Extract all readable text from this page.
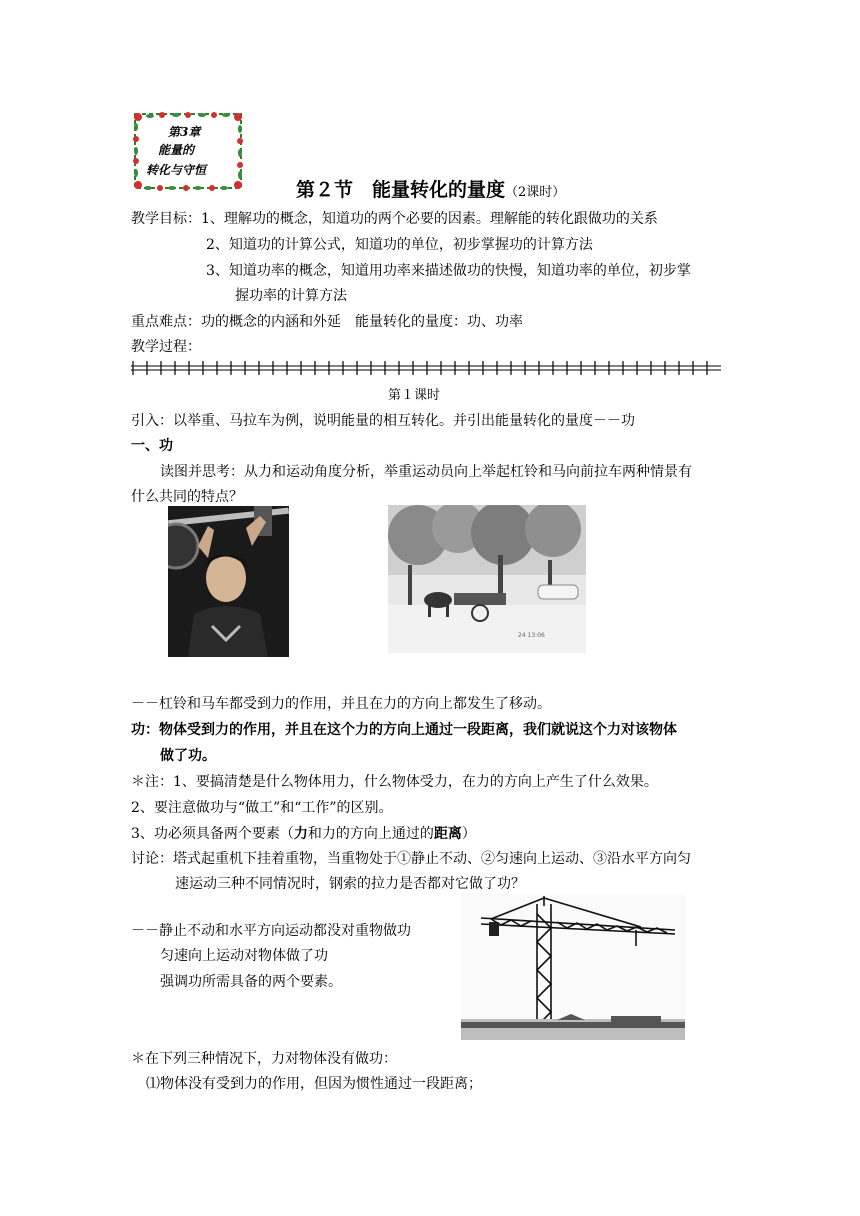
第3章
能量的
转化与守恒
第２节　能量转化的量度（2课时）
教学目标：1、理解功的概念，知道功的两个必要的因素。理解能的转化跟做功的关系
2、知道功的计算公式，知道功的单位，初步掌握功的计算方法
3、知道功率的概念，知道用功率来描述做功的快慢，知道功率的单位，初步掌
握功率的计算方法
重点难点：功的概念的内涵和外延　能量转化的量度：功、功率
教学过程：
第１课时
引入：以举重、马拉车为例，说明能量的相互转化。并引出能量转化的量度－－功
一、功
读图并思考：从力和运动角度分析，举重运动员向上举起杠铃和马向前拉车两种情景有
什么共同的特点？
24 13:06
－－杠铃和马车都受到力的作用，并且在力的方向上都发生了移动。
功：物体受到力的作用，并且在这个力的方向上通过一段距离，我们就说这个力对该物体
做了功。
＊注：1、要搞清楚是什么物体用力，什么物体受力，在力的方向上产生了什么效果。
2、要注意做功与“做工”和“工作”的区别。
3、功必须具备两个要素（力和力的方向上通过的距离）
讨论：塔式起重机下挂着重物，当重物处于①静止不动、②匀速向上运动、③沿水平方向匀
速运动三种不同情况时，钢索的拉力是否都对它做了功？
－－静止不动和水平方向运动都没对重物做功
匀速向上运动对物体做了功
强调功所需具备的两个要素。
＊在下列三种情况下，力对物体没有做功：
⑴物体没有受到力的作用，但因为惯性通过一段距离；
